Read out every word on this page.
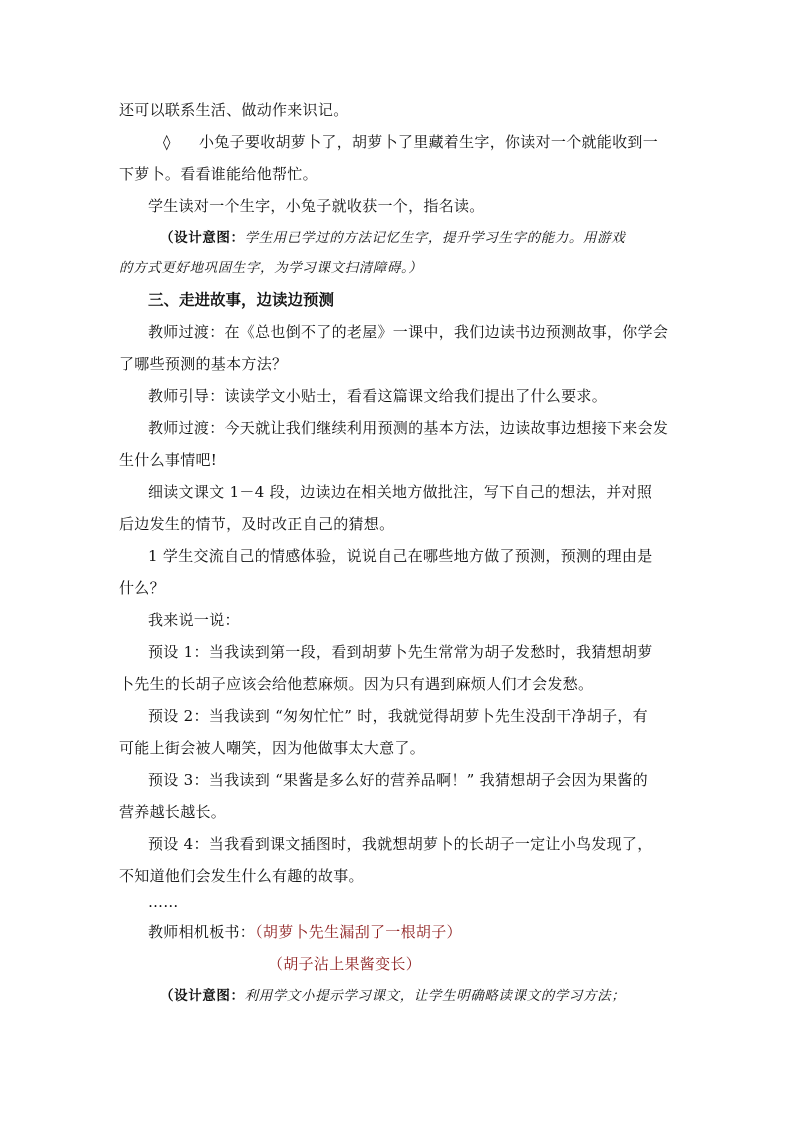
还可以联系生活、做动作来识记。
◊ 小兔子要收胡萝卜了，胡萝卜了里藏着生字，你读对一个就能收到一
下萝卜。看看谁能给他帮忙。
学生读对一个生字，小兔子就收获一个，指名读。
（设计意图：学生用已学过的方法记忆生字，提升学习生字的能力。用游戏
的方式更好地巩固生字，为学习课文扫清障碍。）
三、走进故事，边读边预测
教师过渡：在《总也倒不了的老屋》一课中，我们边读书边预测故事，你学会
了哪些预测的基本方法？
教师引导：读读学文小贴士，看看这篇课文给我们提出了什么要求。
教师过渡：今天就让我们继续利用预测的基本方法，边读故事边想接下来会发
生什么事情吧!
细读文课文 1－4 段，边读边在相关地方做批注，写下自己的想法，并对照
后边发生的情节，及时改正自己的猜想。
1 学生交流自己的情感体验，说说自己在哪些地方做了预测，预测的理由是
什么？
我来说一说：
预设 1：当我读到第一段，看到胡萝卜先生常常为胡子发愁时，我猜想胡萝
卜先生的长胡子应该会给他惹麻烦。因为只有遇到麻烦人们才会发愁。
预设 2：当我读到 “匆匆忙忙” 时，我就觉得胡萝卜先生没刮干净胡子，有
可能上街会被人嘲笑，因为他做事太大意了。
预设 3：当我读到 “果酱是多么好的营养品啊！” 我猜想胡子会因为果酱的
营养越长越长。
预设 4：当我看到课文插图时，我就想胡萝卜的长胡子一定让小鸟发现了，
不知道他们会发生什么有趣的故事。
……
教师相机板书：（胡萝卜先生漏刮了一根胡子）
（胡子沾上果酱变长）
（设计意图：利用学文小提示学习课文，让学生明确略读课文的学习方法；
